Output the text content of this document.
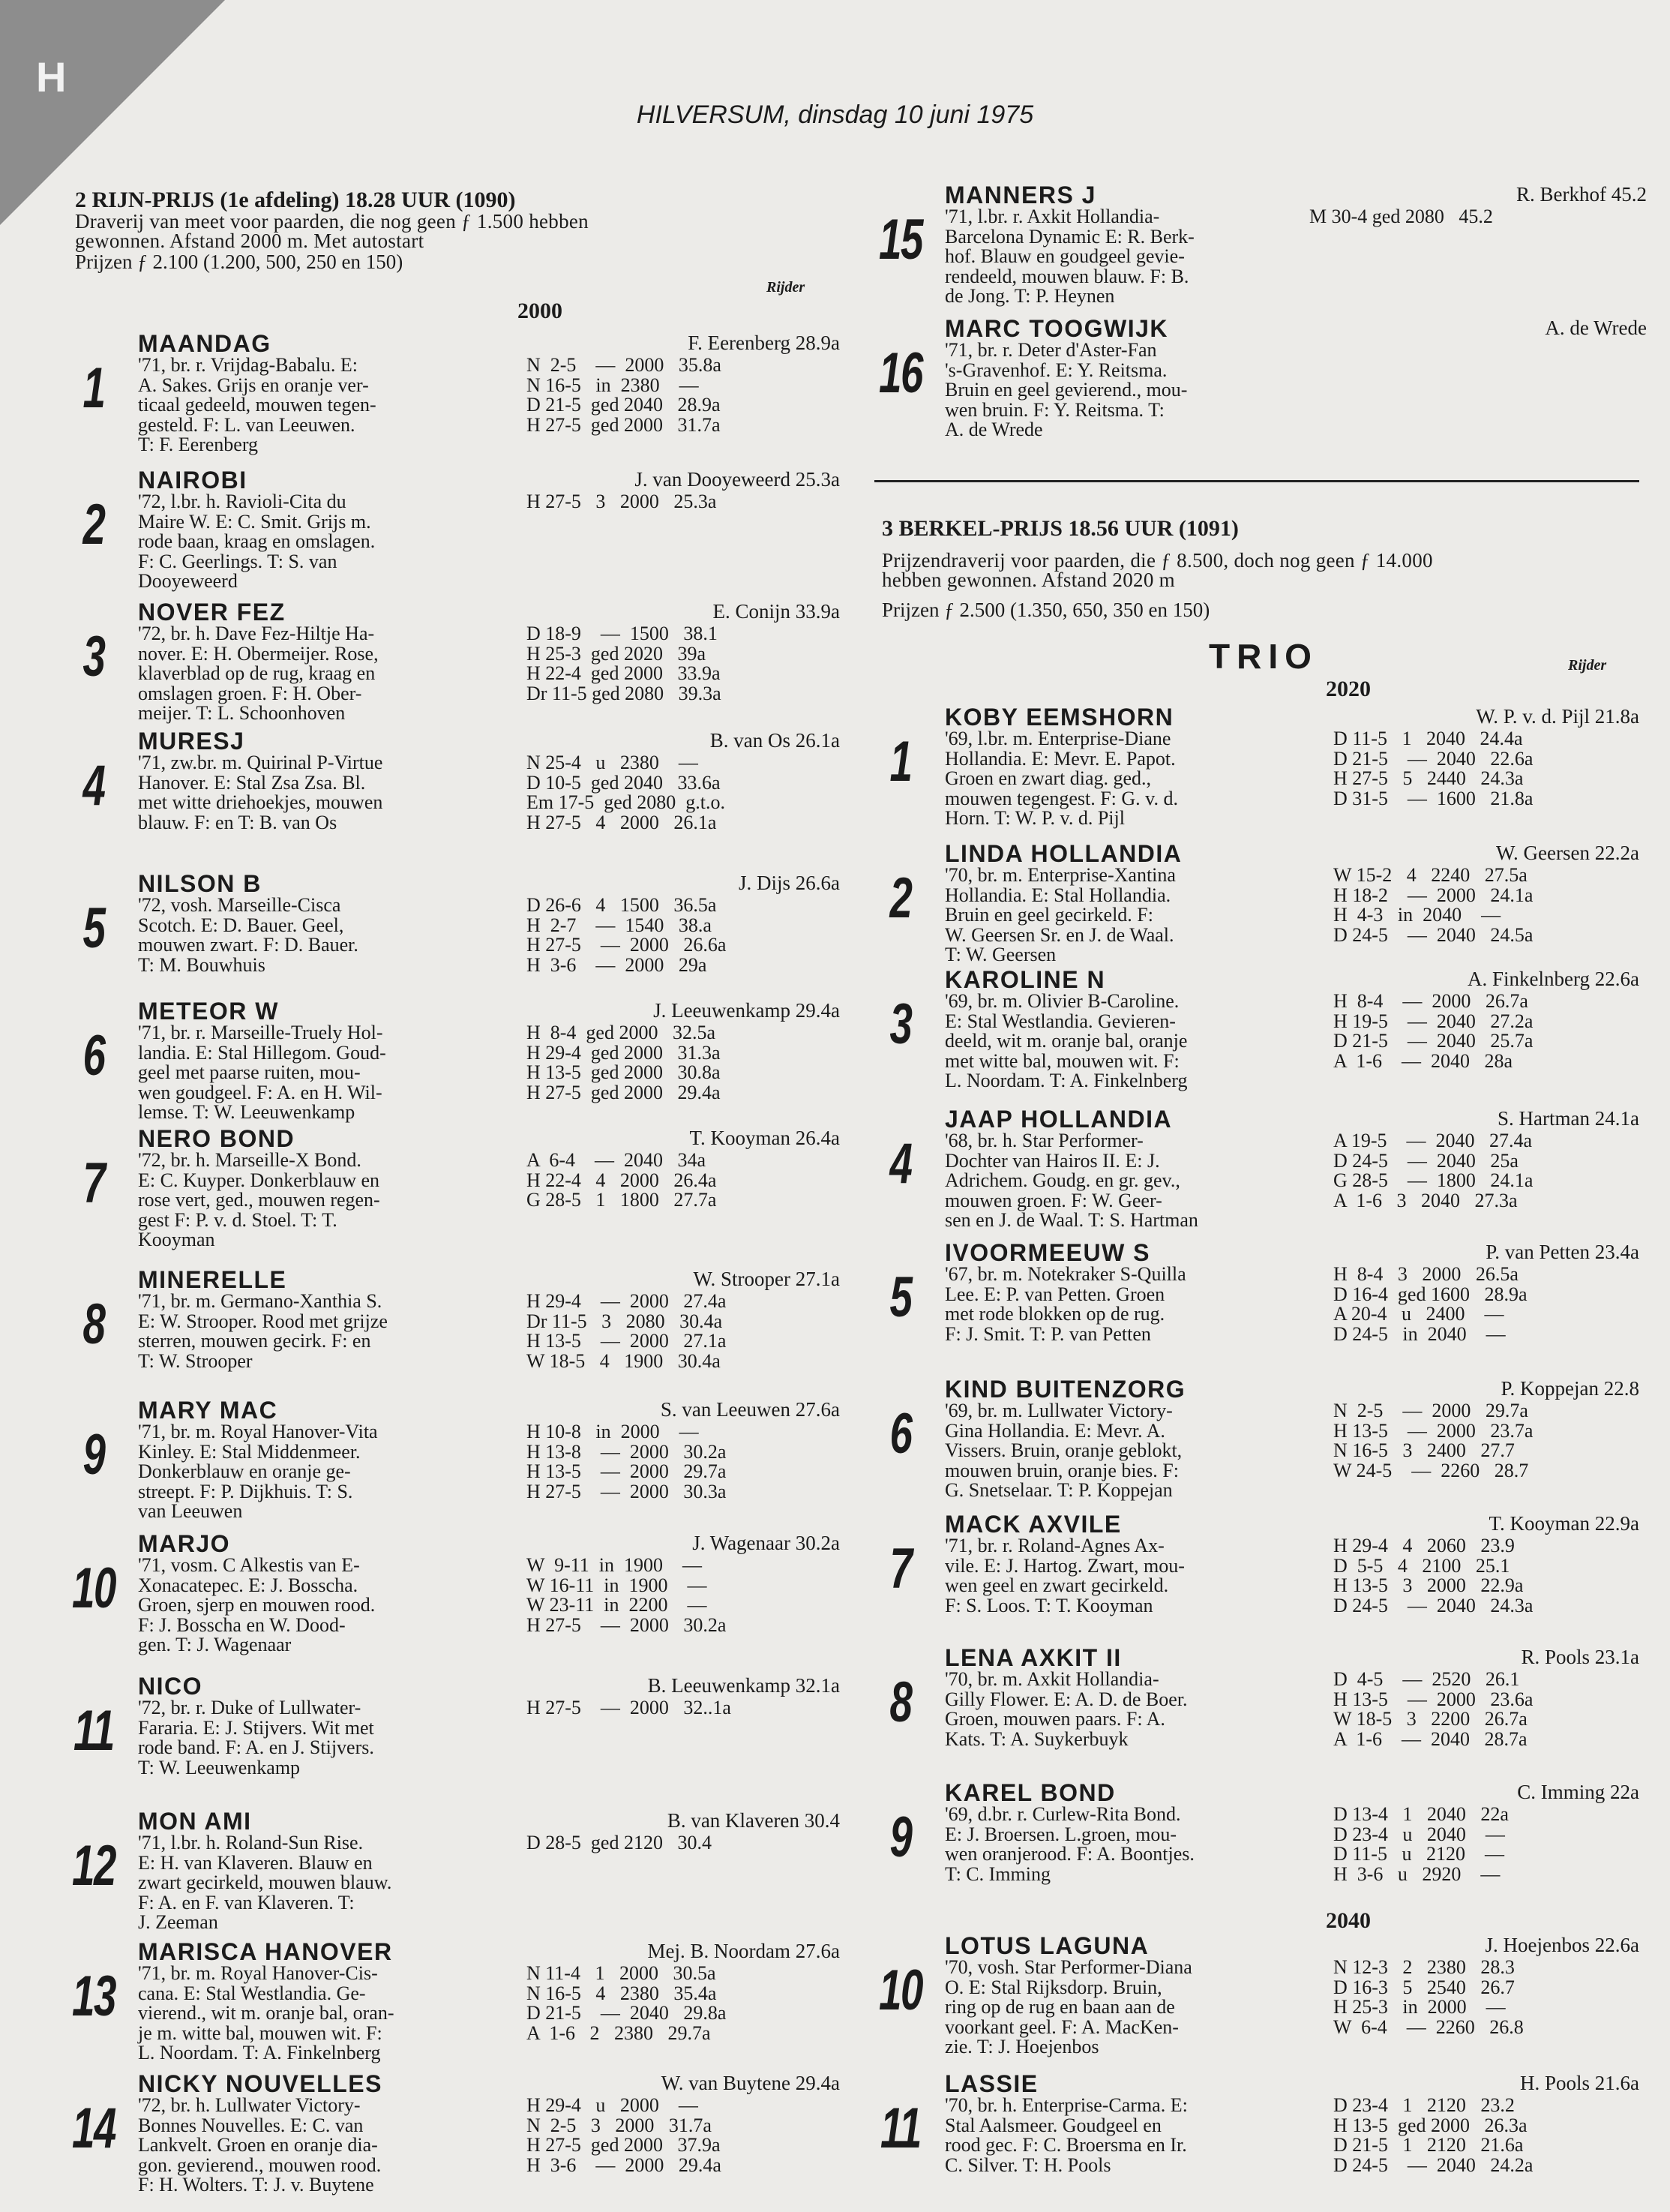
H
HILVERSUM, dinsdag 10 juni 1975
2 RIJN-PRIJS (1e afdeling) 18.28 UUR (1090)
Draverij van meet voor paarden, die nog geen ƒ 1.500 hebben
gewonnen. Afstand 2000 m. Met autostart
Prijzen ƒ 2.100 (1.200, 500, 250 en 150)
2000
Rijder
1
MAANDAG	F. Eerenberg 28.9a
'71, br. r. Vrijdag-Babalu. E:
A. Sakes. Grijs en oranje ver-
ticaal gedeeld, mouwen tegen-
gesteld. F: L. van Leeuwen.
T: F. Eerenberg
N  2-5    —  2000   35.8a
N 16-5   in  2380    —
D 21-5  ged 2040   28.9a
H 27-5  ged 2000   31.7a
2
NAIROBI	J. van Dooyeweerd 25.3a
'72, l.br. h. Ravioli-Cita du
Maire W. E: C. Smit. Grijs m.
rode baan, kraag en omslagen.
F: C. Geerlings. T: S. van
Dooyeweerd
H 27-5   3   2000   25.3a
3
NOVER FEZ	E. Conijn 33.9a
'72, br. h. Dave Fez-Hiltje Ha-
nover. E: H. Obermeijer. Rose,
klaverblad op de rug, kraag en
omslagen groen. F: H. Ober-
meijer. T: L. Schoonhoven
D 18-9    —  1500   38.1
H 25-3  ged 2020   39a
H 22-4  ged 2000   33.9a
Dr 11-5 ged 2080   39.3a
4
MURESJ	B. van Os 26.1a
'71, zw.br. m. Quirinal P-Virtue
Hanover. E: Stal Zsa Zsa. Bl.
met witte driehoekjes, mouwen
blauw. F: en T: B. van Os
N 25-4   u   2380    —
D 10-5  ged 2040   33.6a
Em 17-5  ged 2080  g.t.o.
H 27-5   4   2000   26.1a
5
NILSON B	J. Dijs 26.6a
'72, vosh. Marseille-Cisca
Scotch. E: D. Bauer. Geel,
mouwen zwart. F: D. Bauer.
T: M. Bouwhuis
D 26-6   4   1500   36.5a
H  2-7    —  1540   38.a
H 27-5    —  2000   26.6a
H  3-6    —  2000   29a
6
METEOR W	J. Leeuwenkamp 29.4a
'71, br. r. Marseille-Truely Hol-
landia. E: Stal Hillegom. Goud-
geel met paarse ruiten, mou-
wen goudgeel. F: A. en H. Wil-
lemse. T: W. Leeuwenkamp
H  8-4  ged 2000   32.5a
H 29-4  ged 2000   31.3a
H 13-5  ged 2000   30.8a
H 27-5  ged 2000   29.4a
7
NERO BOND	T. Kooyman 26.4a
'72, br. h. Marseille-X Bond.
E: C. Kuyper. Donkerblauw en
rose vert, ged., mouwen regen-
gest F: P. v. d. Stoel. T: T.
Kooyman
A  6-4    —  2040   34a
H 22-4   4   2000   26.4a
G 28-5   1   1800   27.7a
8
MINERELLE	W. Strooper 27.1a
'71, br. m. Germano-Xanthia S.
E: W. Strooper. Rood met grijze
sterren, mouwen gecirk. F: en
T: W. Strooper
H 29-4    —  2000   27.4a
Dr 11-5   3   2080   30.4a
H 13-5    —  2000   27.1a
W 18-5   4   1900   30.4a
9
MARY MAC	S. van Leeuwen 27.6a
'71, br. m. Royal Hanover-Vita
Kinley. E: Stal Middenmeer.
Donkerblauw en oranje ge-
streept. F: P. Dijkhuis. T: S.
van Leeuwen
H 10-8   in  2000    —
H 13-8    —  2000   30.2a
H 13-5    —  2000   29.7a
H 27-5    —  2000   30.3a
10
MARJO	J. Wagenaar 30.2a
'71, vosm. C Alkestis van E-
Xonacatepec. E: J. Bosscha.
Groen, sjerp en mouwen rood.
F: J. Bosscha en W. Dood-
gen. T: J. Wagenaar
W  9-11  in  1900    —
W 16-11  in  1900    —
W 23-11  in  2200    —
H 27-5    —  2000   30.2a
11
NICO	B. Leeuwenkamp 32.1a
'72, br. r. Duke of Lullwater-
Fararia. E: J. Stijvers. Wit met
rode band. F: A. en J. Stijvers.
T: W. Leeuwenkamp
H 27-5    —  2000   32..1a
12
MON AMI	B. van Klaveren 30.4
'71, l.br. h. Roland-Sun Rise.
E: H. van Klaveren. Blauw en
zwart gecirkeld, mouwen blauw.
F: A. en F. van Klaveren. T:
J. Zeeman
D 28-5  ged 2120   30.4
13
MARISCA HANOVER	Mej. B. Noordam 27.6a
'71, br. m. Royal Hanover-Cis-
cana. E: Stal Westlandia. Ge-
vierend., wit m. oranje bal, oran-
je m. witte bal, mouwen wit. F:
L. Noordam. T: A. Finkelnberg
N 11-4   1   2000   30.5a
N 16-5   4   2380   35.4a
D 21-5    —  2040   29.8a
A  1-6   2   2380   29.7a
14
NICKY NOUVELLES	W. van Buytene 29.4a
'72, br. h. Lullwater Victory-
Bonnes Nouvelles. E: C. van
Lankvelt. Groen en oranje dia-
gon. gevierend., mouwen rood.
F: H. Wolters. T: J. v. Buytene
H 29-4   u   2000    —
N  2-5   3   2000   31.7a
H 27-5  ged 2000   37.9a
H  3-6    —  2000   29.4a
15
MANNERS J	R. Berkhof 45.2
'71, l.br. r. Axkit Hollandia-
Barcelona Dynamic E: R. Berk-
hof. Blauw en goudgeel gevie-
rendeeld, mouwen blauw. F: B.
de Jong. T: P. Heynen
M 30-4 ged 2080   45.2
16
MARC TOOGWIJK	A. de Wrede
'71, br. r. Deter d'Aster-Fan
's-Gravenhof. E: Y. Reitsma.
Bruin en geel gevierend., mou-
wen bruin. F: Y. Reitsma. T:
A. de Wrede
3 BERKEL-PRIJS 18.56 UUR (1091)
Prijzendraverij voor paarden, die ƒ 8.500, doch nog geen ƒ 14.000
hebben gewonnen. Afstand 2020 m
Prijzen ƒ 2.500 (1.350, 650, 350 en 150)
TRIO	Rijder
2020
2040
1
KOBY EEMSHORN	W. P. v. d. Pijl 21.8a
'69, l.br. m. Enterprise-Diane
Hollandia. E: Mevr. E. Papot.
Groen en zwart diag. ged.,
mouwen tegengest. F: G. v. d.
Horn. T: W. P. v. d. Pijl
D 11-5   1   2040   24.4a
D 21-5    —  2040   22.6a
H 27-5   5   2440   24.3a
D 31-5    —  1600   21.8a
2
LINDA HOLLANDIA	W. Geersen 22.2a
'70, br. m. Enterprise-Xantina
Hollandia. E: Stal Hollandia.
Bruin en geel gecirkeld. F:
W. Geersen Sr. en J. de Waal.
T: W. Geersen
W 15-2   4   2240   27.5a
H 18-2    —  2000   24.1a
H  4-3   in  2040    —
D 24-5    —  2040   24.5a
3
KAROLINE N	A. Finkelnberg 22.6a
'69, br. m. Olivier B-Caroline.
E: Stal Westlandia. Gevieren-
deeld, wit m. oranje bal, oranje
met witte bal, mouwen wit. F:
L. Noordam. T: A. Finkelnberg
H  8-4    —  2000   26.7a
H 19-5    —  2040   27.2a
D 21-5    —  2040   25.7a
A  1-6    —  2040   28a
4
JAAP HOLLANDIA	S. Hartman 24.1a
'68, br. h. Star Performer-
Dochter van Hairos II. E: J.
Adrichem. Goudg. en gr. gev.,
mouwen groen. F: W. Geer-
sen en J. de Waal. T: S. Hartman
A 19-5    —  2040   27.4a
D 24-5    —  2040   25a
G 28-5    —  1800   24.1a
A  1-6   3   2040   27.3a
5
IVOORMEEUW S	P. van Petten 23.4a
'67, br. m. Notekraker S-Quilla
Lee. E: P. van Petten. Groen
met rode blokken op de rug.
F: J. Smit. T: P. van Petten
H  8-4   3   2000   26.5a
D 16-4  ged 1600   28.9a
A 20-4   u   2400    —
D 24-5   in  2040    —
6
KIND BUITENZORG	P. Koppejan 22.8
'69, br. m. Lullwater Victory-
Gina Hollandia. E: Mevr. A.
Vissers. Bruin, oranje geblokt,
mouwen bruin, oranje bies. F:
G. Snetselaar. T: P. Koppejan
N  2-5    —  2000   29.7a
H 13-5    —  2000   23.7a
N 16-5   3   2400   27.7
W 24-5    —  2260   28.7
7
MACK AXVILE	T. Kooyman 22.9a
'71, br. r. Roland-Agnes Ax-
vile. E: J. Hartog. Zwart, mou-
wen geel en zwart gecirkeld.
F: S. Loos. T: T. Kooyman
H 29-4   4   2060   23.9
D  5-5   4   2100   25.1
H 13-5   3   2000   22.9a
D 24-5    —  2040   24.3a
8
LENA AXKIT II	R. Pools 23.1a
'70, br. m. Axkit Hollandia-
Gilly Flower. E: A. D. de Boer.
Groen, mouwen paars. F: A.
Kats. T: A. Suykerbuyk
D  4-5    —  2520   26.1
H 13-5    —  2000   23.6a
W 18-5   3   2200   26.7a
A  1-6    —  2040   28.7a
9
KAREL BOND	C. Imming 22a
'69, d.br. r. Curlew-Rita Bond.
E: J. Broersen. L.groen, mou-
wen oranjerood. F: A. Boontjes.
T: C. Imming
D 13-4   1   2040   22a
D 23-4   u   2040    —
D 11-5   u   2120    —
H  3-6   u   2920    —
10
LOTUS LAGUNA	J. Hoejenbos 22.6a
'70, vosh. Star Performer-Diana
O. E: Stal Rijksdorp. Bruin,
ring op de rug en baan aan de
voorkant geel. F: A. MacKen-
zie. T: J. Hoejenbos
N 12-3   2   2380   28.3
D 16-3   5   2540   26.7
H 25-3   in  2000    —
W  6-4    —  2260   26.8
11
LASSIE	H. Pools 21.6a
'70, br. h. Enterprise-Carma. E:
Stal Aalsmeer. Goudgeel en
rood gec. F: C. Broersma en Ir.
C. Silver. T: H. Pools
D 23-4   1   2120   23.2
H 13-5  ged 2000   26.3a
D 21-5   1   2120   21.6a
D 24-5    —  2040   24.2a
